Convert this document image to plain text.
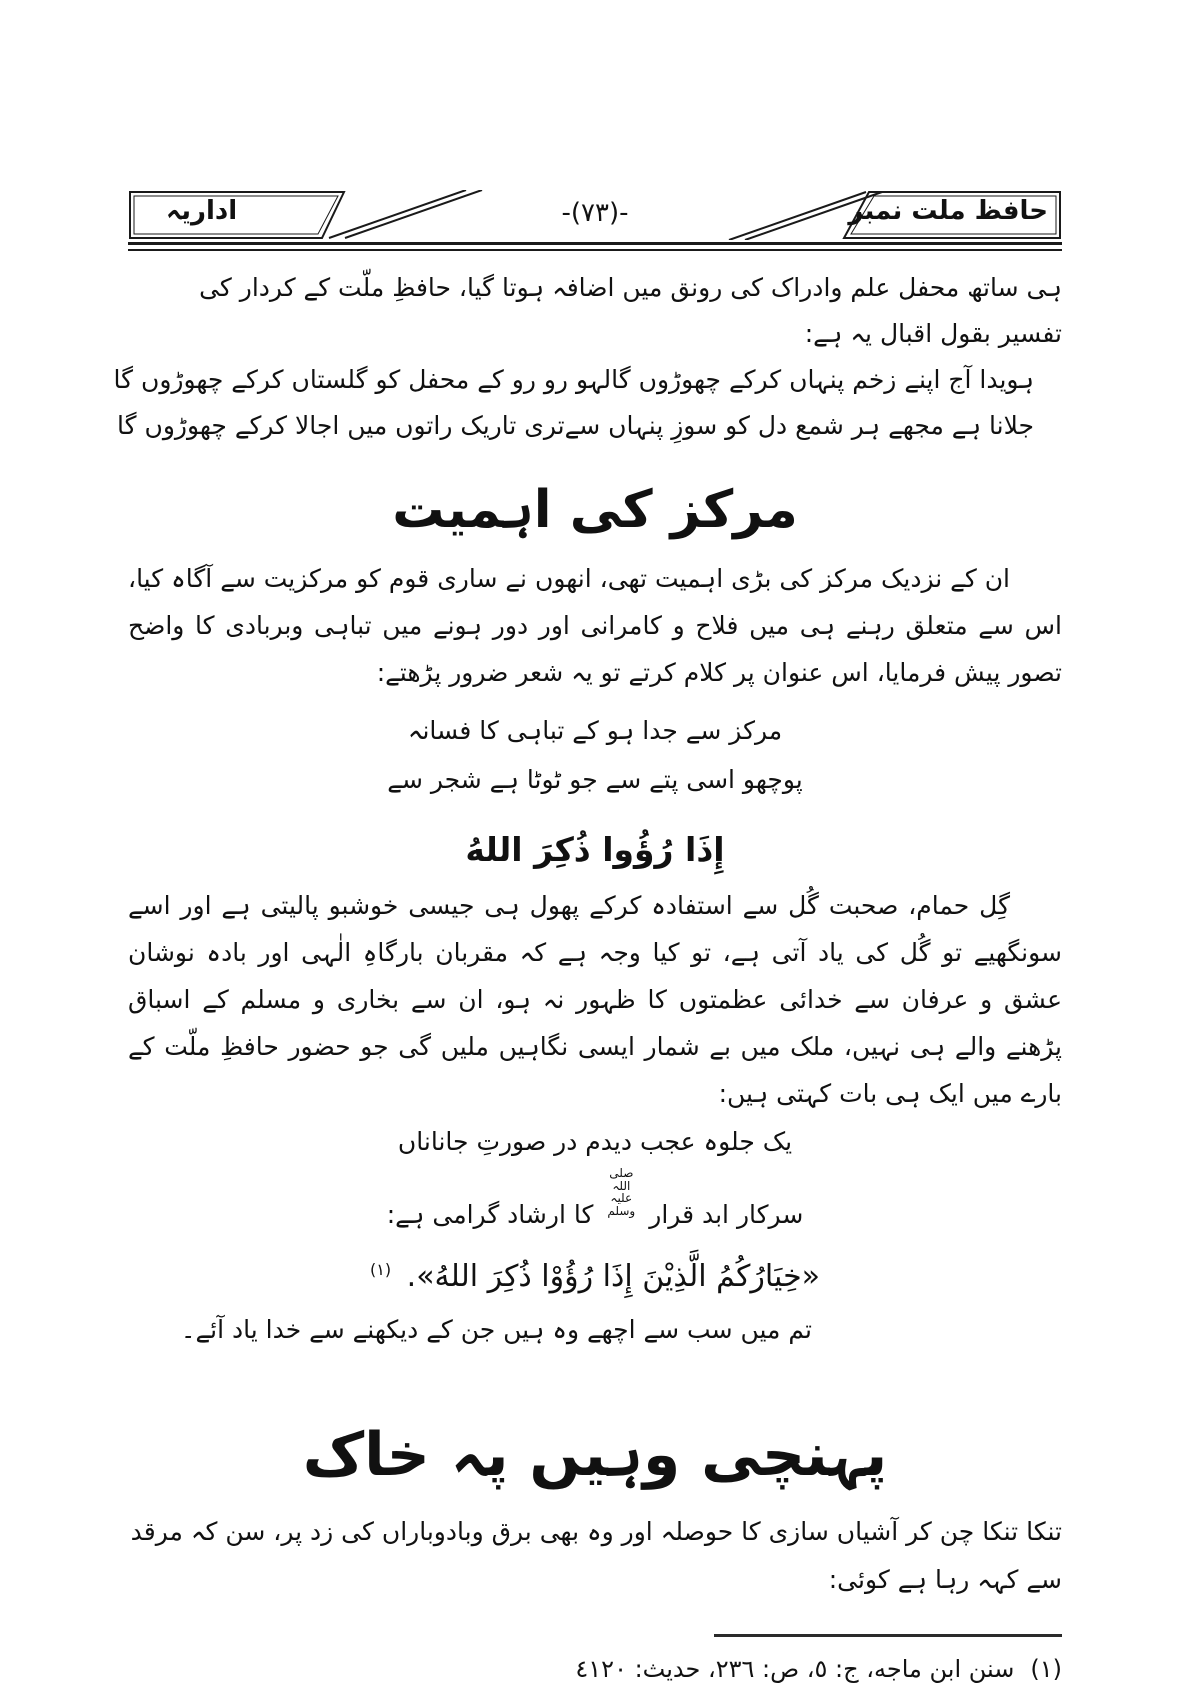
حافظ ملت نمبر
اداریہ	-(۷۳)-
ہی ساتھ محفل علم وادراک کی رونق میں اضافہ ہوتا گیا، حافظِ ملّت کے کردار کی تفسیر بقول اقبال یہ ہے:
ہویدا آج اپنے زخم پنہاں کرکے چھوڑوں گا
لہو رو رو کے محفل کو گلستاں کرکے چھوڑوں گا
جلانا ہے مجھے ہر شمع دل کو سوزِ پنہاں سے
تری تاریک راتوں میں اجالا کرکے چھوڑوں گا
مرکز کی اہمیت
ان کے نزدیک مرکز کی بڑی اہمیت تھی، انھوں نے ساری قوم کو مرکزیت سے آگاہ کیا، اس سے متعلق رہنے ہی میں فلاح و کامرانی اور دور ہونے میں تباہی وبربادی کا واضح تصور پیش فرمایا، اس عنوان پر کلام کرتے تو یہ شعر ضرور پڑھتے:
مرکز سے جدا ہو کے تباہی کا فسانہ
پوچھو اسی پتے سے جو ٹوٹا ہے شجر سے
إِذَا رُؤُوا ذُكِرَ اللهُ
گِل حمام، صحبت گُل سے استفادہ کرکے پھول ہی جیسی خوشبو پالیتی ہے اور اسے سونگھیے تو گُل کی یاد آتی ہے، تو کیا وجہ ہے کہ مقربان بارگاہِ الٰہی اور بادہ نوشان عشق و عرفان سے خدائی عظمتوں کا ظہور نہ ہو، ان سے بخاری و مسلم کے اسباق پڑھنے والے ہی نہیں، ملک میں بے شمار ایسی نگاہیں ملیں گی جو حضور حافظِ ملّت کے بارے میں ایک ہی بات کہتی ہیں:
یک جلوہ عجب دیدم در صورتِ جاناناں
سرکار ابد قرار صلی اللہ علیہ وسلم کا ارشاد گرامی ہے:
«خِيَارُكُمُ الَّذِيْنَ إِذَا رُؤُوْا ذُكِرَ اللهُ». $^{(١)}$
تم میں سب سے اچھے وہ ہیں جن کے دیکھنے سے خدا یاد آئے۔
پہنچی وہیں پہ خاک
تنکا تنکا چن کر آشیاں سازی کا حوصلہ اور وہ بھی برق وبادوباراں کی زد پر، سن کہ مرقد سے کہہ رہا ہے کوئی:
(١)
سنن ابن ماجه، ج: ٥، ص: ٢٣٦، حديث: ٤١٢٠
